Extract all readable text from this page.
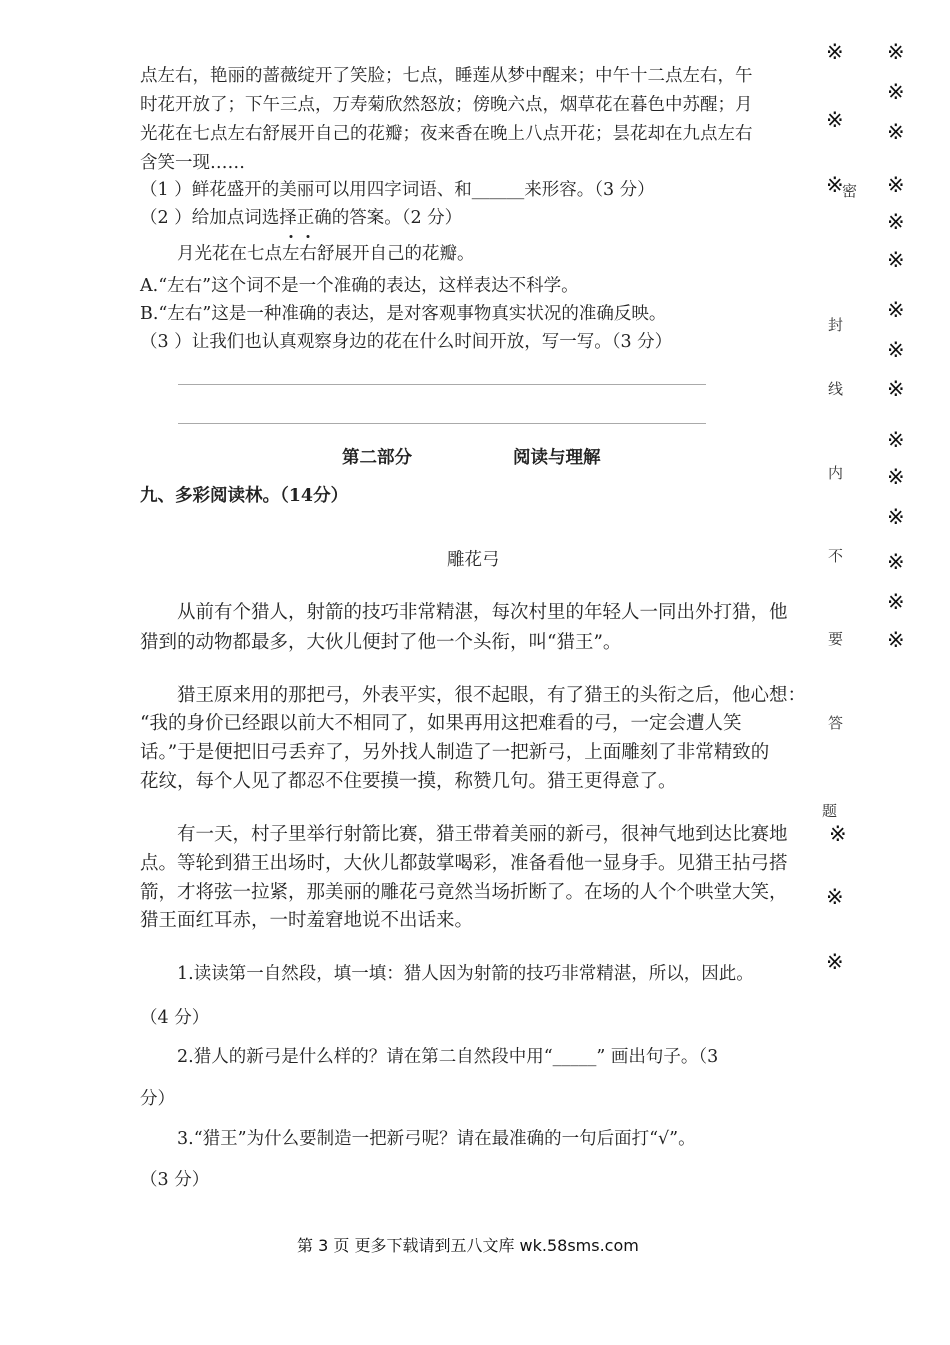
点左右，艳丽的蔷薇绽开了笑脸；七点，睡莲从梦中醒来；中午十二点左右，午
时花开放了；下午三点，万寿菊欣然怒放；傍晚六点，烟草花在暮色中苏醒；月
光花在七点左右舒展开自己的花瓣；夜来香在晚上八点开花；昙花却在九点左右
含笑一现……
（1 ）鲜花盛开的美丽可以用四字词语、和______来形容。（3 分）
（2 ）给加点词选择正确的答案。（2 分）
月光花在七点
左
右舒展开自己的花瓣。
A.“左右”这个词不是一个准确的表达，这样表达不科学。
B.“左右”这是一种准确的表达，是对客观事物真实状况的准确反映。
（3 ）让我们也认真观察身边的花在什么时间开放，写一写。（3 分）
第二部分	阅读与理解
九、多彩阅读林。（14分）
雕花弓
从前有个猎人，射箭的技巧非常精湛，每次村里的年轻人一同出外打猎，他
猎到的动物都最多，大伙儿便封了他一个头衔，叫“猎王”。
猎王原来用的那把弓，外表平实，很不起眼，有了猎王的头衔之后，他心想：
“我的身价已经跟以前大不相同了，如果再用这把难看的弓，一定会遭人笑
话。”于是便把旧弓丢弃了，另外找人制造了一把新弓，上面雕刻了非常精致的
花纹，每个人见了都忍不住要摸一摸，称赞几句。猎王更得意了。
有一天，村子里举行射箭比赛，猎王带着美丽的新弓，很神气地到达比赛地
点。等轮到猎王出场时，大伙儿都鼓掌喝彩，准备看他一显身手。见猎王拈弓搭
箭，才将弦一拉紧，那美丽的雕花弓竟然当场折断了。在场的人个个哄堂大笑，
猎王面红耳赤，一时羞窘地说不出话来。
1.读读第一自然段，填一填：猎人因为射箭的技巧非常精湛，所以，因此。
（4 分）
2.猎人的新弓是什么样的？请在第二自然段中用“_____” 画出句子。（3
分）
3.“猎王”为什么要制造一把新弓呢？请在最准确的一句后面打“√”。
（3 分）
第 3 页 更多下载请到五八文库 wk.58sms.com
※
※
※
密
封
线
内
不
要
答
题
※
※
※
※
※
※
※
※
※
※
※
※
※
※
※
※
※
※
